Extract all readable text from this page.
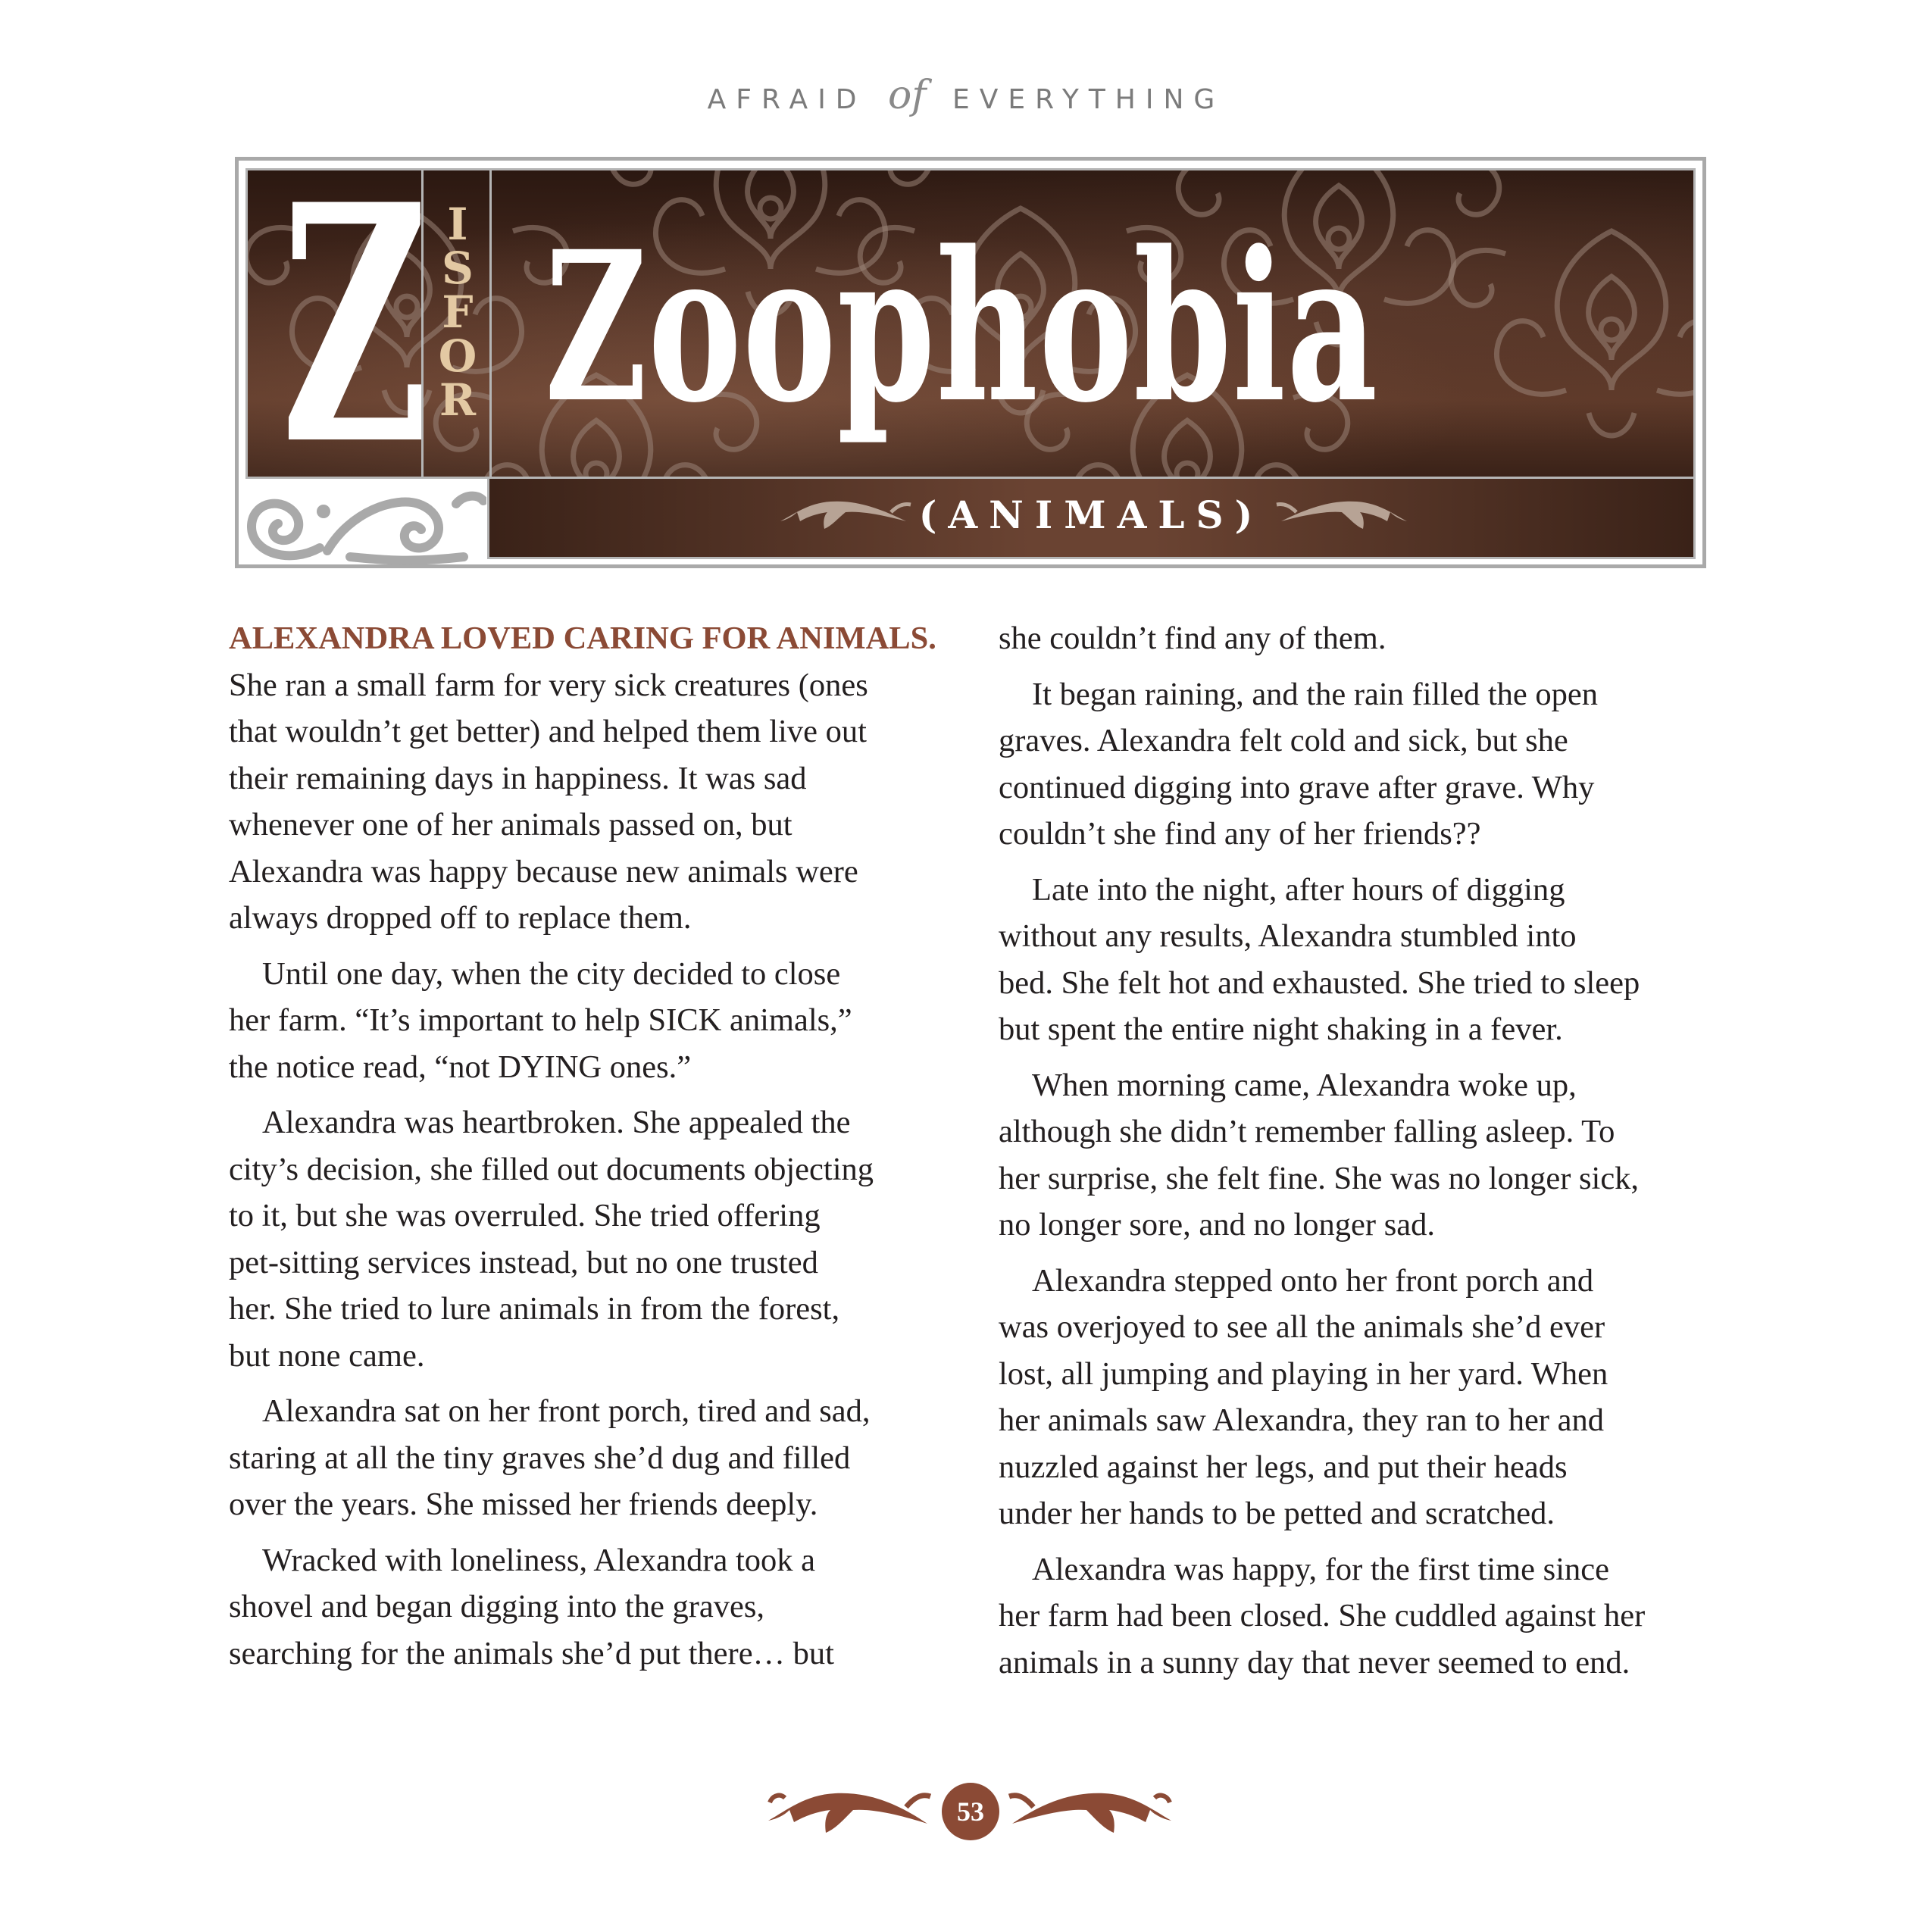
AFRAID of EVERYTHING
Z I
S
F
O
R Zoophobia
(ANIMALS)

ALEXANDRA LOVED CARING FOR ANIMALS.
She ran a small farm for very sick creatures (ones
that wouldn’t get better) and helped them live out
their remaining days in happiness. It was sad
whenever one of her animals passed on, but
Alexandra was happy because new animals were
always dropped off to replace them.

Until one day, when the city decided to close
her farm. “It’s important to help SICK animals,”
the notice read, “not DYING ones.”

Alexandra was heartbroken. She appealed the
city’s decision, she filled out documents objecting
to it, but she was overruled. She tried offering
pet-sitting services instead, but no one trusted
her. She tried to lure animals in from the forest,
but none came.

Alexandra sat on her front porch, tired and sad,
staring at all the tiny graves she’d dug and filled
over the years. She missed her friends deeply.

Wracked with loneliness, Alexandra took a
shovel and began digging into the graves,
searching for the animals she’d put there… but

she couldn’t find any of them.

It began raining, and the rain filled the open
graves. Alexandra felt cold and sick, but she
continued digging into grave after grave. Why
couldn’t she find any of her friends??

Late into the night, after hours of digging
without any results, Alexandra stumbled into
bed. She felt hot and exhausted. She tried to sleep
but spent the entire night shaking in a fever.

When morning came, Alexandra woke up,
although she didn’t remember falling asleep. To
her surprise, she felt fine. She was no longer sick,
no longer sore, and no longer sad.

Alexandra stepped onto her front porch and
was overjoyed to see all the animals she’d ever
lost, all jumping and playing in her yard. When
her animals saw Alexandra, they ran to her and
nuzzled against her legs, and put their heads
under her hands to be petted and scratched.

Alexandra was happy, for the first time since
her farm had been closed. She cuddled against her
animals in a sunny day that never seemed to end.

53
